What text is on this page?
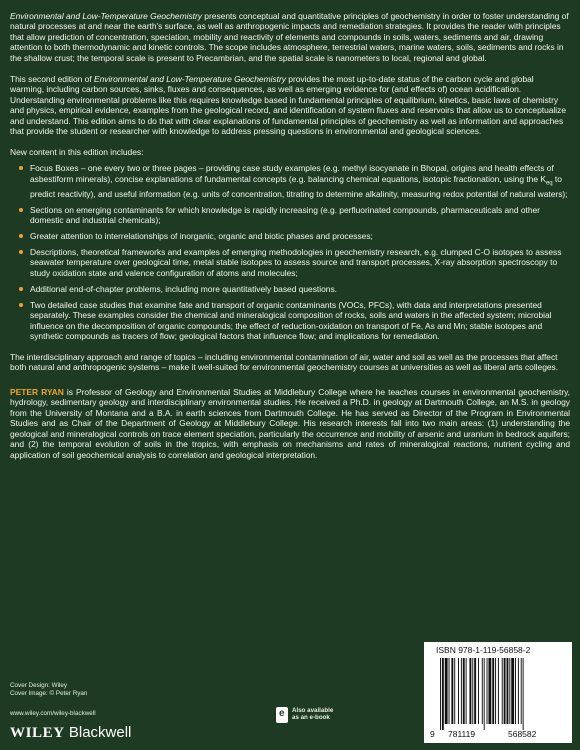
Environmental and Low-Temperature Geochemistry presents conceptual and quantitative principles of geochemistry in order to foster understanding of natural processes at and near the earth's surface, as well as anthropogenic impacts and remediation strategies. It provides the reader with principles that allow prediction of concentration, speciation, mobility and reactivity of elements and compounds in soils, waters, sediments and air, drawing attention to both thermodynamic and kinetic controls. The scope includes atmosphere, terrestrial waters, marine waters, soils, sediments and rocks in the shallow crust; the temporal scale is present to Precambrian, and the spatial scale is nanometers to local, regional and global.

This second edition of Environmental and Low-Temperature Geochemistry provides the most up-to-date status of the carbon cycle and global warming, including carbon sources, sinks, fluxes and consequences, as well as emerging evidence for (and effects of) ocean acidification. Understanding environmental problems like this requires knowledge based in fundamental principles of equilibrium, kinetics, basic laws of chemistry and physics, empirical evidence, examples from the geological record, and identification of system fluxes and reservoirs that allow us to conceptualize and understand. This edition aims to do that with clear explanations of fundamental principles of geochemistry as well as information and approaches that provide the student or researcher with knowledge to address pressing questions in environmental and geological sciences.

New content in this edition includes:

Focus Boxes – one every two or three pages – providing case study examples (e.g. methyl isocyanate in Bhopal, origins and health effects of asbestiform minerals), concise explanations of fundamental concepts (e.g. balancing chemical equations, isotopic fractionation, using the $K_{eq}$ to predict reactivity), and useful information (e.g. units of concentration, titrating to determine alkalinity, measuring redox potential of natural waters);
Sections on emerging contaminants for which knowledge is rapidly increasing (e.g. perfluorinated compounds, pharmaceuticals and other domestic and industrial chemicals);
Greater attention to interrelationships of inorganic, organic and biotic phases and processes;
Descriptions, theoretical frameworks and examples of emerging methodologies in geochemistry research, e.g. clumped C-O isotopes to assess seawater temperature over geological time, metal stable isotopes to assess source and transport processes, X-ray absorption spectroscopy to study oxidation state and valence configuration of atoms and molecules;
Additional end-of-chapter problems, including more quantitatively based questions.
Two detailed case studies that examine fate and transport of organic contaminants (VOCs, PFCs), with data and interpretations presented separately. These examples consider the chemical and mineralogical composition of rocks, soils and waters in the affected system; microbial influence on the decomposition of organic compounds; the effect of reduction-oxidation on transport of Fe, As and Mn; stable isotopes and synthetic compounds as tracers of flow; geological factors that influence flow; and implications for remediation.

The interdisciplinary approach and range of topics – including environmental contamination of air, water and soil as well as the processes that affect both natural and anthropogenic systems – make it well-suited for environmental geochemistry courses at universities as well as liberal arts colleges.

PETER RYAN is Professor of Geology and Environmental Studies at Middlebury College where he teaches courses in environmental geochemistry, hydrology, sedimentary geology and interdisciplinary environmental studies. He received a Ph.D. in geology at Dartmouth College, an M.S. in geology from the University of Montana and a B.A. in earth sciences from Dartmouth College. He has served as Director of the Program in Environmental Studies and as Chair of the Department of Geology at Middlebury College. His research interests fall into two main areas: (1) understanding the geological and mineralogical controls on trace element speciation, particularly the occurrence and mobility of arsenic and uranium in bedrock aquifers; and (2) the temporal evolution of soils in the tropics, with emphasis on mechanisms and rates of mineralogical reactions, nutrient cycling and application of soil geochemical analysis to correlation and geological interpretation.

Cover Design: Wiley
Cover Image: © Peter Ryan
www.wiley.com/wiley-blackwell
WILEY Blackwell
e
Also available
as an e-book
ISBN 978-1-119-56858-2
9 781119	568582
